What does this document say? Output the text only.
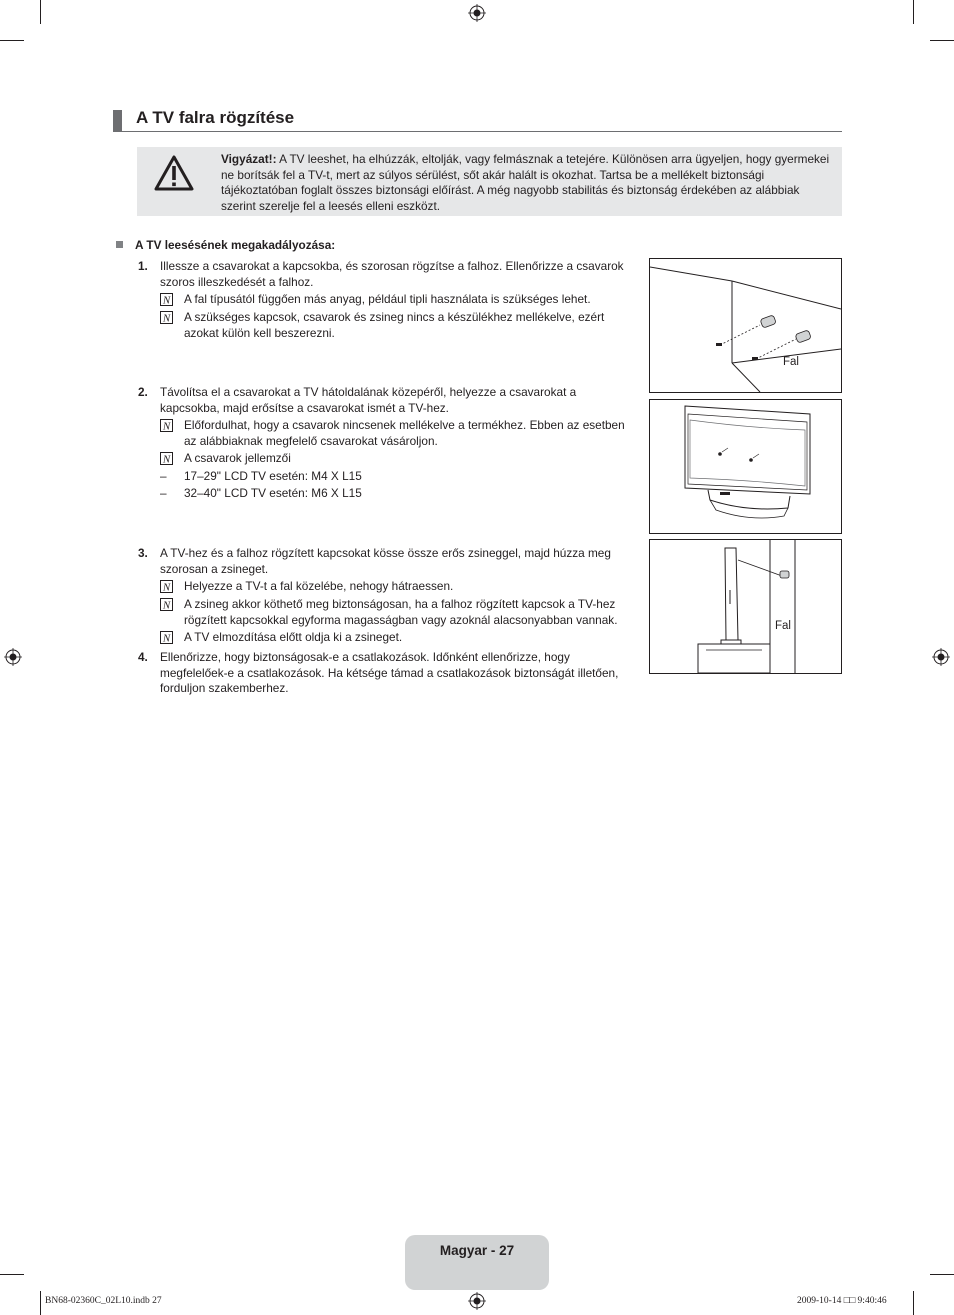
A TV falra rögzítése
Vigyázat!: A TV leeshet, ha elhúzzák, eltolják, vagy felmásznak a tetejére. Különösen arra ügyeljen, hogy gyermekei ne borítsák fel a TV-t, mert az súlyos sérülést, sőt akár halált is okozhat. Tartsa be a mellékelt biztonsági tájékoztatóban foglalt összes biztonsági előírást. A még nagyobb stabilitás és biztonság érdekében az alábbiak szerint szerelje fel a leesés elleni eszközt.
A TV leesésének megakadályozása:
1. Illessze a csavarokat a kapcsokba, és szorosan rögzítse a falhoz. Ellenőrizze a csavarok szoros illeszkedését a falhoz.
N A fal típusától függően más anyag, például tipli használata is szükséges lehet.
N A szükséges kapcsok, csavarok és zsineg nincs a készülékhez mellékelve, ezért azokat külön kell beszerezni.
2. Távolítsa el a csavarokat a TV hátoldalának közepéről, helyezze a csavarokat a kapcsokba, majd erősítse a csavarokat ismét a TV-hez.
N Előfordulhat, hogy a csavarok nincsenek mellékelve a termékhez. Ebben az esetben az alábbiaknak megfelelő csavarokat vásároljon.
N A csavarok jellemzői
– 17–29" LCD TV esetén: M4 X L15
– 32–40" LCD TV esetén: M6 X L15
3. A TV-hez és a falhoz rögzített kapcsokat kösse össze erős zsineggel, majd húzza meg szorosan a zsineget.
N Helyezze a TV-t a fal közelébe, nehogy hátraessen.
N A zsineg akkor köthető meg biztonságosan, ha a falhoz rögzített kapcsok a TV-hez rögzített kapcsokkal egyforma magasságban vagy azoknál alacsonyabban vannak.
N A TV elmozdítása előtt oldja ki a zsineget.
4. Ellenőrizze, hogy biztonságosak-e a csatlakozások. Időnként ellenőrizze, hogy megfelelőek-e a csatlakozások. Ha kétsége támad a csatlakozások biztonságát illetően, forduljon szakemberhez.
Fal
Fal
Magyar - 27
BN68-02360C_02L10.indb 27	2009-10-14 □□ 9:40:46
